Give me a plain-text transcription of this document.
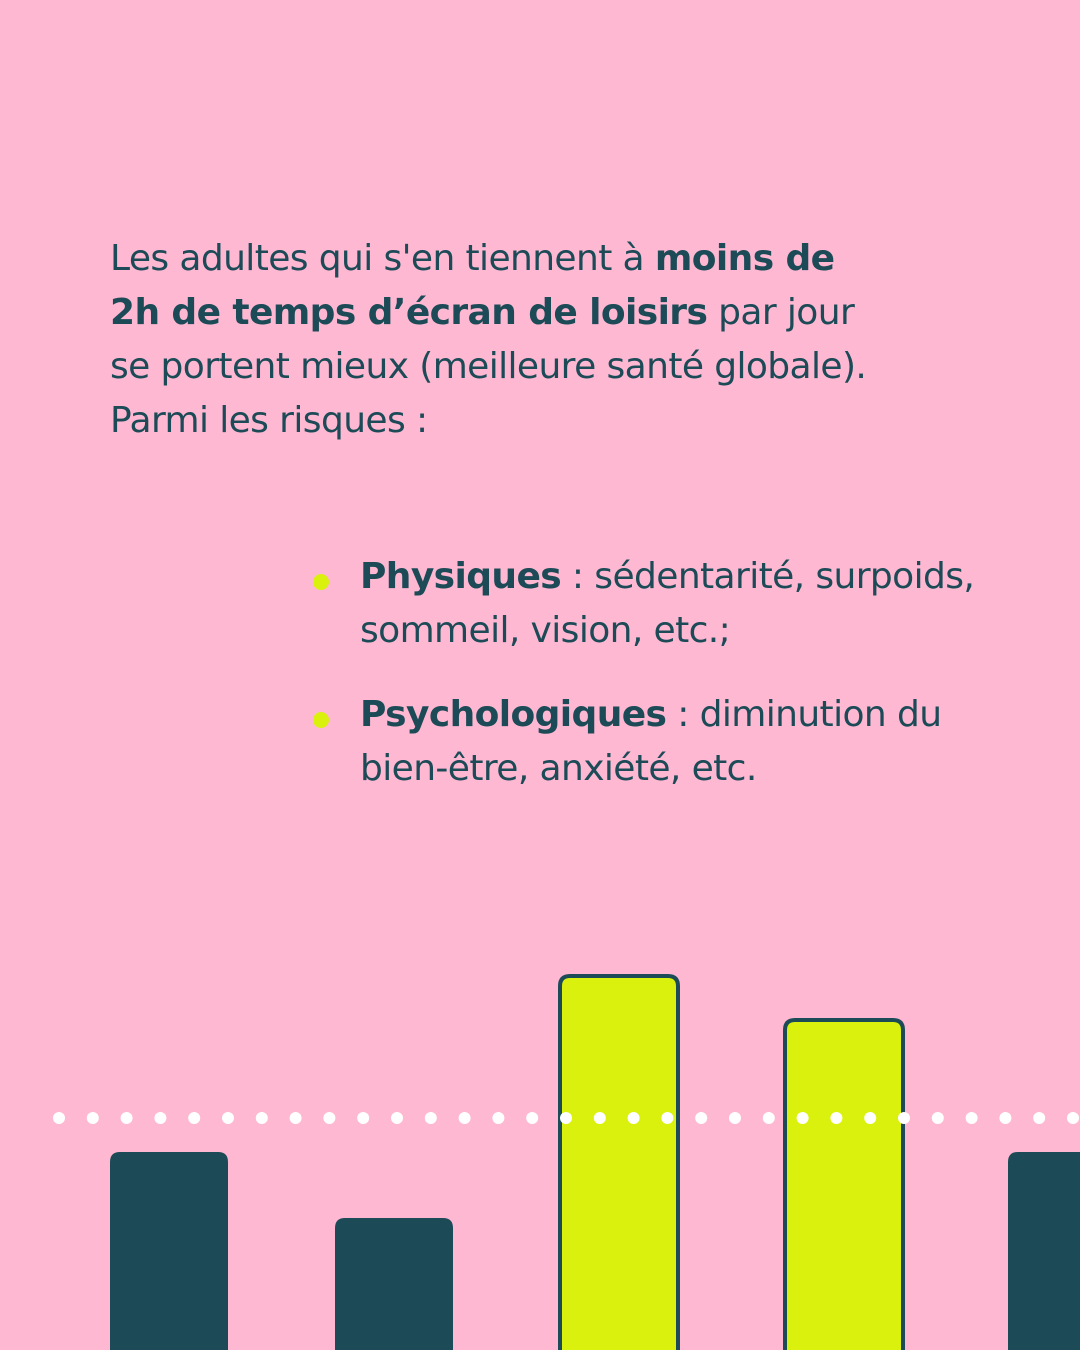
Les adultes qui s'en tiennent à moins de 2h de temps d’écran de loisirs par jour se portent mieux (meilleure santé globale). Parmi les risques :

Physiques : sédentarité, surpoids, sommeil, vision, etc.;
Psychologiques : diminution du bien-être, anxiété, etc.
